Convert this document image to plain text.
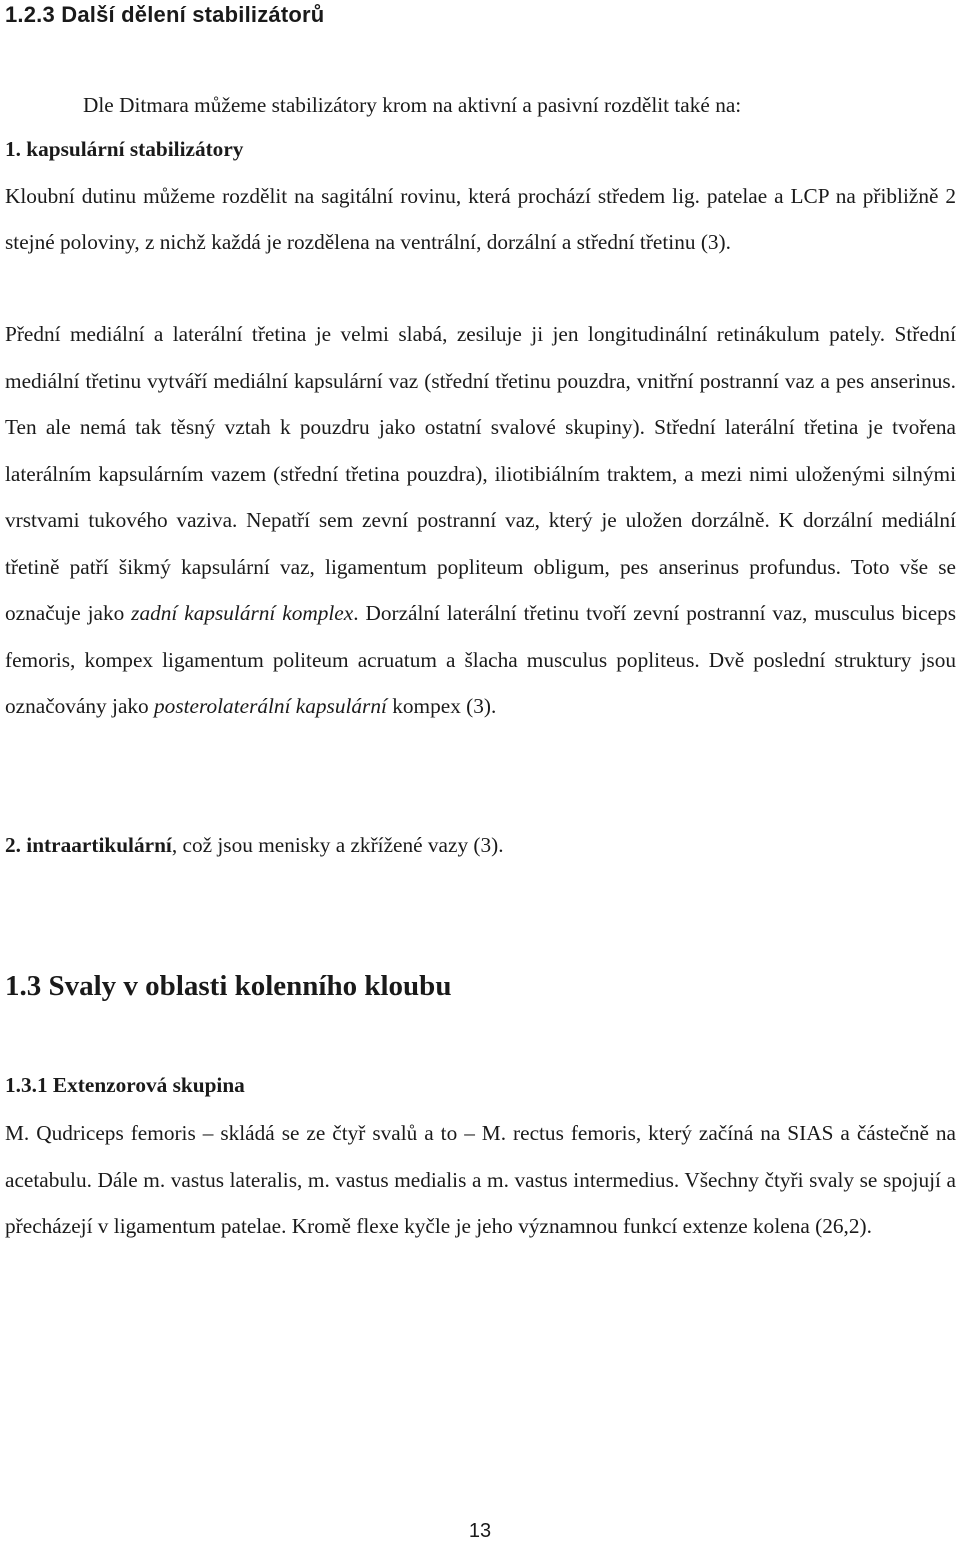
1.2.3 Další dělení stabilizátorů
Dle Ditmara můžeme stabilizátory krom na aktivní a pasivní rozdělit také na:

1. kapsulární stabilizátory
Kloubní dutinu můžeme rozdělit na sagitální rovinu, která prochází středem lig. patelae a LCP na přibližně 2 stejné poloviny, z nichž každá je rozdělena na ventrální, dorzální a střední třetinu (3).

Přední mediální a laterální třetina je velmi slabá, zesiluje ji jen longitudinální retinákulum pately. Střední mediální třetinu vytváří mediální kapsulární vaz (střední třetinu pouzdra, vnitřní postranní vaz a pes anserinus. Ten ale nemá tak těsný vztah k pouzdru jako ostatní svalové skupiny). Střední laterální třetina je tvořena laterálním kapsulárním vazem (střední třetina pouzdra), iliotibiálním traktem, a mezi nimi uloženými silnými vrstvami tukového vaziva. Nepatří sem zevní postranní vaz, který je uložen dorzálně. K dorzální mediální třetině patří šikmý kapsulární vaz, ligamentum popliteum obligum, pes anserinus profundus. Toto vše se označuje jako zadní kapsulární komplex. Dorzální laterální třetinu tvoří zevní postranní vaz, musculus biceps femoris, kompex ligamentum politeum acruatum a šlacha musculus popliteus. Dvě poslední struktury jsou označovány jako posterolaterální kapsulární kompex (3).

2. intraartikulární, což jsou menisky a zkřížené vazy (3).

1.3 Svaly v oblasti kolenního kloubu
1.3.1 Extenzorová skupina

M. Qudriceps femoris – skládá se ze čtyř svalů a to – M. rectus femoris, který začíná na SIAS a částečně na acetabulu. Dále m. vastus lateralis, m. vastus medialis a m. vastus intermedius. Všechny čtyři svaly se spojují a přecházejí v ligamentum patelae. Kromě flexe kyčle je jeho významnou funkcí extenze kolena (26,2).

13
